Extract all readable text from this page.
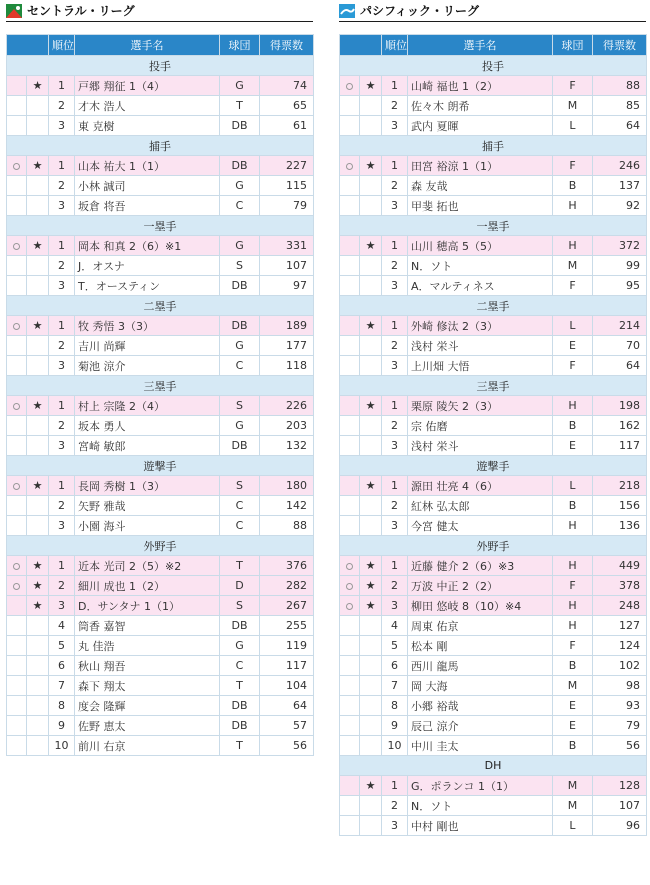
セントラル・リーグ
		順位	選手名	球団	得票数
投手					
	★	1	戸郷 翔征 1（4）	G	74
		2	才木 浩人	T	65
		3	東 克樹	DB	61
捕手					
	★	1	山本 祐大 1（1）	DB	227
		2	小林 誠司	G	115
		3	坂倉 将吾	C	79
一塁手					
	★	1	岡本 和真 2（6）※1	G	331
		2	J．オスナ	S	107
		3	T．オースティン	DB	97
二塁手					
	★	1	牧 秀悟 3（3）	DB	189
		2	吉川 尚輝	G	177
		3	菊池 涼介	C	118
三塁手					
	★	1	村上 宗隆 2（4）	S	226
		2	坂本 勇人	G	203
		3	宮崎 敏郎	DB	132
遊撃手					
	★	1	長岡 秀樹 1（3）	S	180
		2	矢野 雅哉	C	142
		3	小園 海斗	C	88
外野手					
	★	1	近本 光司 2（5）※2	T	376
	★	2	細川 成也 1（2）	D	282
	★	3	D．サンタナ 1（1）	S	267
		4	筒香 嘉智	DB	255
		5	丸 佳浩	G	119
		6	秋山 翔吾	C	117
		7	森下 翔太	T	104
		8	度会 隆輝	DB	64
		9	佐野 恵太	DB	57
		10	前川 右京	T	56
パシフィック・リーグ
		順位	選手名	球団	得票数
投手					
	★	1	山崎 福也 1（2）	F	88
		2	佐々木 朗希	M	85
		3	武内 夏暉	L	64
捕手					
	★	1	田宮 裕涼 1（1）	F	246
		2	森 友哉	B	137
		3	甲斐 拓也	H	92
一塁手					
	★	1	山川 穂高 5（5）	H	372
		2	N．ソト	M	99
		3	A．マルティネス	F	95
二塁手					
	★	1	外崎 修汰 2（3）	L	214
		2	浅村 栄斗	E	70
		3	上川畑 大悟	F	64
三塁手					
	★	1	栗原 陵矢 2（3）	H	198
		2	宗 佑磨	B	162
		3	浅村 栄斗	E	117
遊撃手					
	★	1	源田 壮亮 4（6）	L	218
		2	紅林 弘太郎	B	156
		3	今宮 健太	H	136
外野手					
	★	1	近藤 健介 2（6）※3	H	449
	★	2	万波 中正 2（2）	F	378
	★	3	柳田 悠岐 8（10）※4	H	248
		4	周東 佑京	H	127
		5	松本 剛	F	124
		6	西川 龍馬	B	102
		7	岡 大海	M	98
		8	小郷 裕哉	E	93
		9	辰己 涼介	E	79
		10	中川 圭太	B	56
DH					
	★	1	G．ポランコ 1（1）	M	128
		2	N．ソト	M	107
		3	中村 剛也	L	96
